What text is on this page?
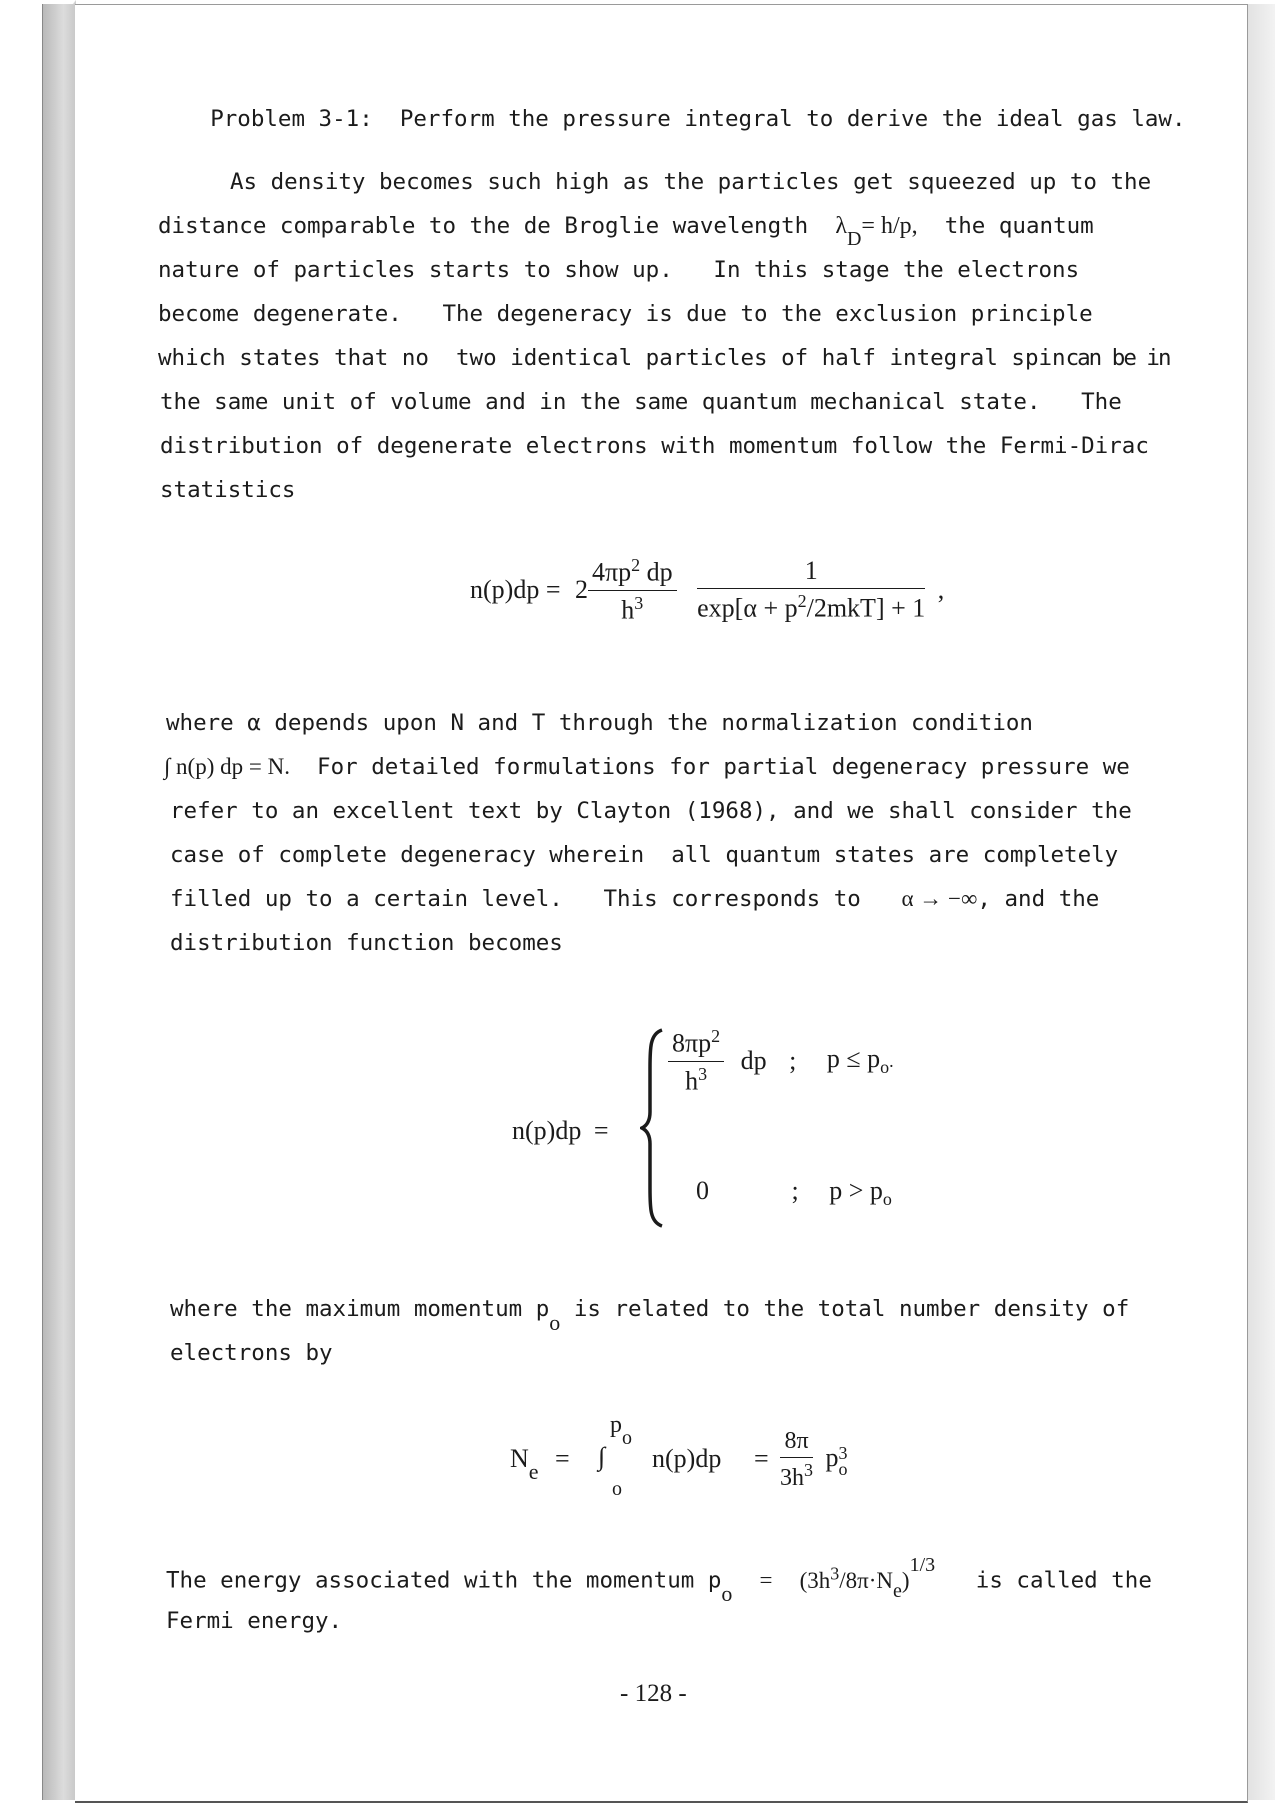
Problem 3-1: Perform the pressure integral to derive the ideal gas law.

As density becomes such high as the particles get squeezed up to the
distance comparable to the de Broglie wavelength $\lambda_D= h/p$, the quantum
nature of particles starts to show up.   In this stage the electrons
become degenerate.   The degeneracy is due to the exclusion principle
which states that no  two identical particles of half integral spincan be in
the same unit of volume and in the same quantum mechanical state.   The
distribution of degenerate electrons with momentum follow the Fermi-Dirac
statistics
$n(p)dp = 2 \frac{4\pi p^2 dp}{h^3}$
$\frac{1}{\exp[\alpha + p^2/2mkT] + 1}$ ,
where α depends upon N and T through the normalization condition
∫ n(p) dp = N.  For detailed formulations for partial degeneracy pressure we
refer to an excellent text by Clayton (1968), and we shall consider the
case of complete degeneracy wherein  all quantum states are completely
filled up to a certain level.   This corresponds to α → −∞, and the
distribution function becomes
n(p)dp =
$\frac{8\pi p^2}{h^3}$ dp ; $p \le p_o$.
0	; $p > p_o$
where the maximum momentum $p_o$ is related to the total number density of
electrons by
$N_e$ =
$p_o$
∫
o
$n(p)dp = \frac{8\pi}{3h^3}$ p 3
o
The energy associated with the momentum $p_o = (3h^3/8\pi\cdot N_e)^{1/3}$   is called the
Fermi energy.
- 128 -
